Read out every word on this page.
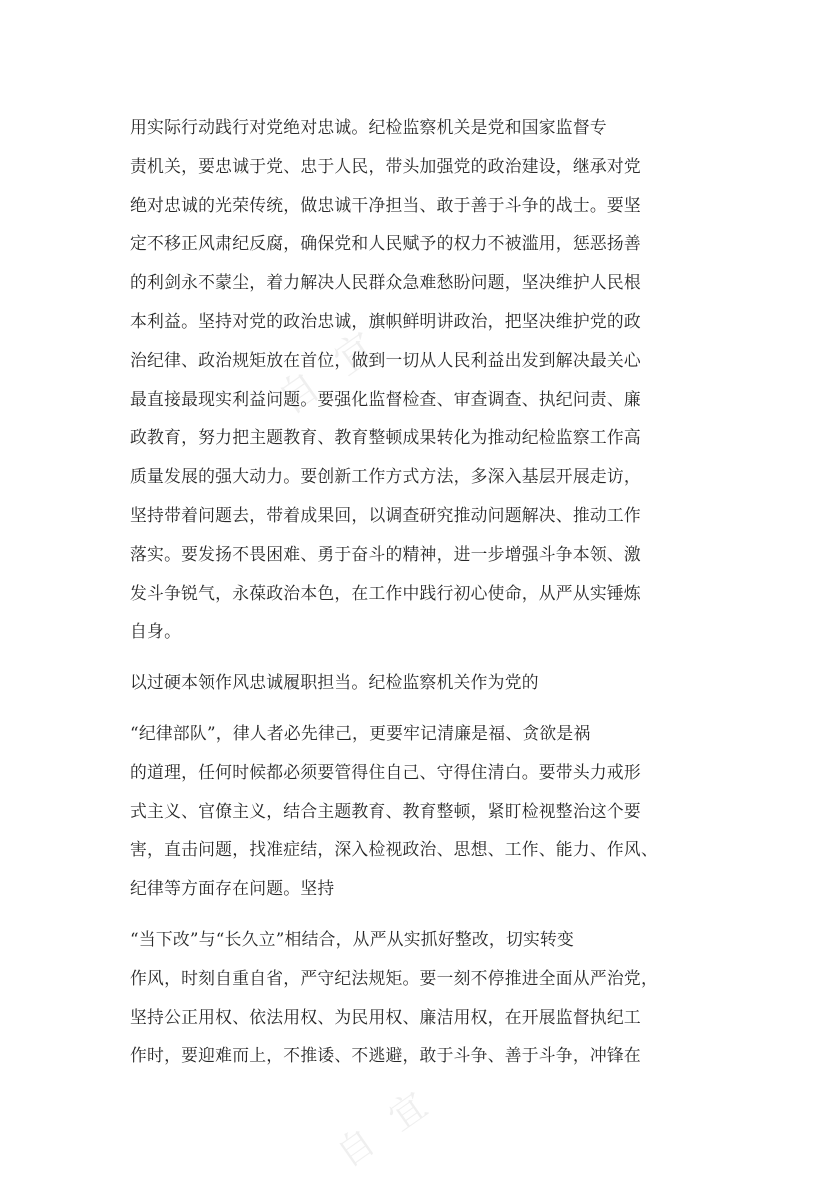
自 宜
自 宜
用实际行动践行对党绝对忠诚。纪检监察机关是党和国家监督专
责机关，要忠诚于党、忠于人民，带头加强党的政治建设，继承对党
绝对忠诚的光荣传统，做忠诚干净担当、敢于善于斗争的战士。要坚
定不移正风肃纪反腐，确保党和人民赋予的权力不被滥用，惩恶扬善
的利剑永不蒙尘，着力解决人民群众急难愁盼问题，坚决维护人民根
本利益。坚持对党的政治忠诚，旗帜鲜明讲政治，把坚决维护党的政
治纪律、政治规矩放在首位，做到一切从人民利益出发到解决最关心
最直接最现实利益问题。要强化监督检查、审查调查、执纪问责、廉
政教育，努力把主题教育、教育整顿成果转化为推动纪检监察工作高
质量发展的强大动力。要创新工作方式方法，多深入基层开展走访，
坚持带着问题去，带着成果回，以调查研究推动问题解决、推动工作
落实。要发扬不畏困难、勇于奋斗的精神，进一步增强斗争本领、激
发斗争锐气，永葆政治本色，在工作中践行初心使命，从严从实锤炼
自身。
以过硬本领作风忠诚履职担当。纪检监察机关作为党的
“纪律部队”，律人者必先律己，更要牢记清廉是福、贪欲是祸
的道理，任何时候都必须要管得住自己、守得住清白。要带头力戒形
式主义、官僚主义，结合主题教育、教育整顿，紧盯检视整治这个要
害，直击问题，找准症结，深入检视政治、思想、工作、能力、作风、
纪律等方面存在问题。坚持
“当下改”与“长久立”相结合，从严从实抓好整改，切实转变
作风，时刻自重自省，严守纪法规矩。要一刻不停推进全面从严治党，
坚持公正用权、依法用权、为民用权、廉洁用权，在开展监督执纪工
作时，要迎难而上，不推诿、不逃避，敢于斗争、善于斗争，冲锋在
